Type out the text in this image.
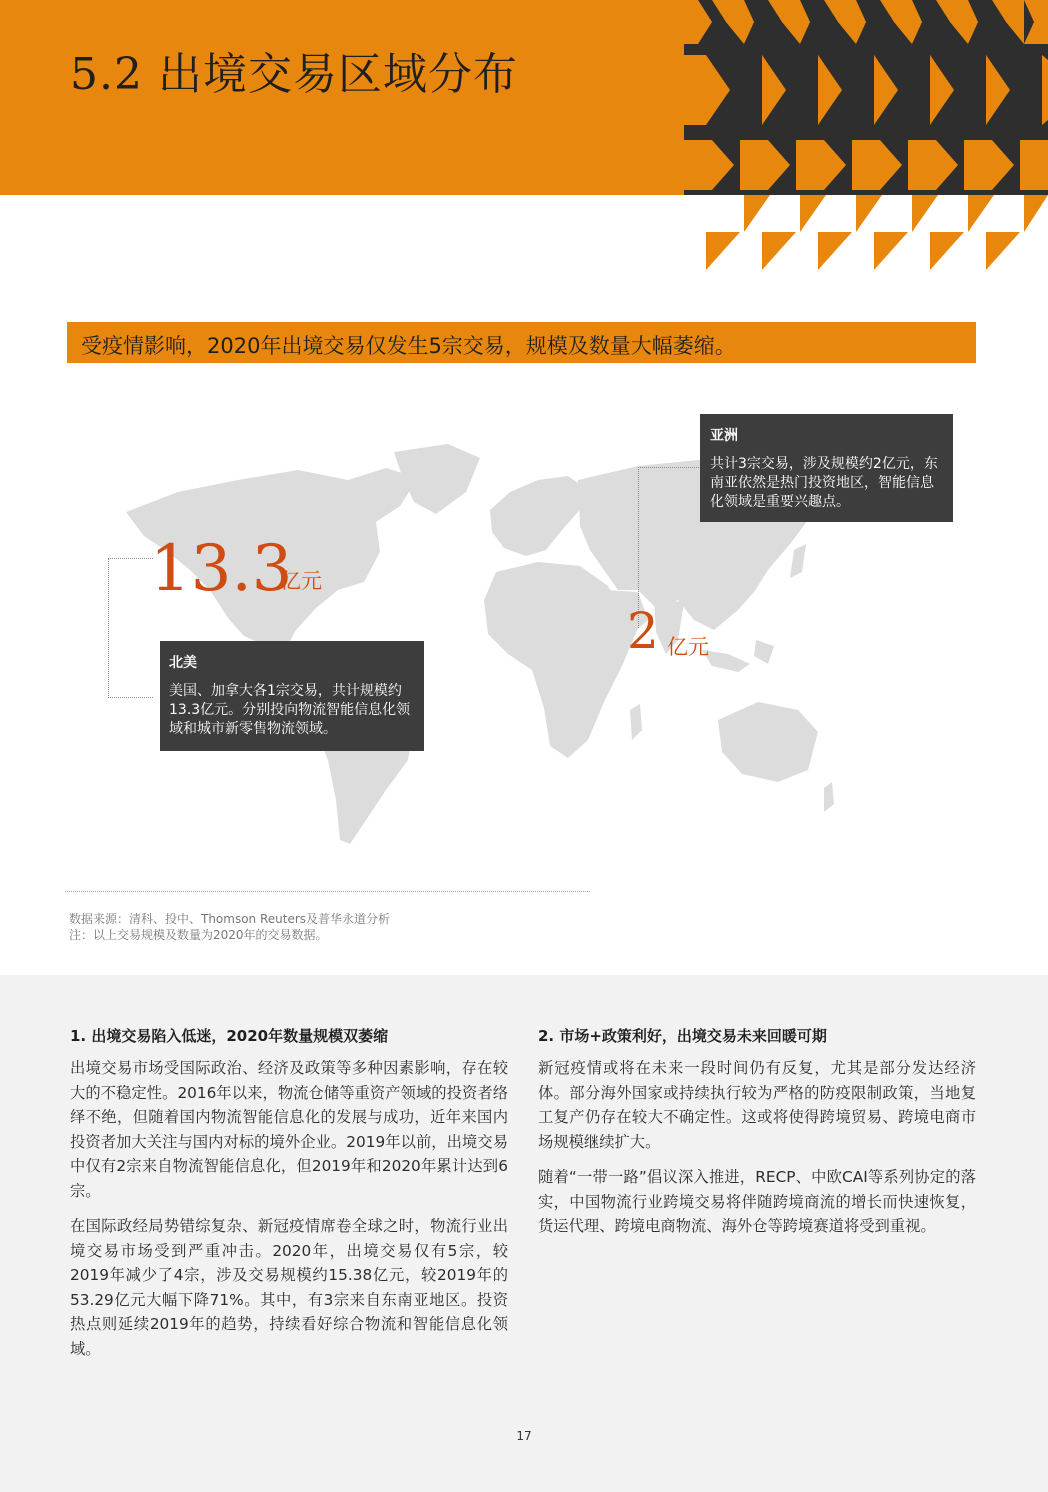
5.2 出境交易区域分布
受疫情影响，2020年出境交易仅发生5宗交易，规模及数量大幅萎缩。
13.3
亿元
北美
美国、加拿大各1宗交易，共计规模约13.3亿元。分别投向物流智能信息化领域和城市新零售物流领域。
2 亿元
亚洲
共计3宗交易，涉及规模约2亿元，东南亚依然是热门投资地区，智能信息化领域是重要兴趣点。
数据来源：清科、投中、Thomson Reuters及普华永道分析
注：以上交易规模及数量为2020年的交易数据。
1. 出境交易陷入低迷，2020年数量规模双萎缩

出境交易市场受国际政治、经济及政策等多种因素影响，存在较大的不稳定性。2016年以来，物流仓储等重资产领域的投资者络绎不绝，但随着国内物流智能信息化的发展与成功，近年来国内投资者加大关注与国内对标的境外企业。2019年以前，出境交易中仅有2宗来自物流智能信息化，但2019年和2020年累计达到6宗。

在国际政经局势错综复杂、新冠疫情席卷全球之时，物流行业出境交易市场受到严重冲击。2020年，出境交易仅有5宗，较2019年减少了4宗，涉及交易规模约15.38亿元，较2019年的53.29亿元大幅下降71%。其中，有3宗来自东南亚地区。投资热点则延续2019年的趋势，持续看好综合物流和智能信息化领域。

2. 市场+政策利好，出境交易未来回暖可期

新冠疫情或将在未来一段时间仍有反复，尤其是部分发达经济体。部分海外国家或持续执行较为严格的防疫限制政策，当地复工复产仍存在较大不确定性。这或将使得跨境贸易、跨境电商市场规模继续扩大。

随着“一带一路”倡议深入推进，RECP、中欧CAI等系列协定的落实，中国物流行业跨境交易将伴随跨境商流的增长而快速恢复，货运代理、跨境电商物流、海外仓等跨境赛道将受到重视。

17
